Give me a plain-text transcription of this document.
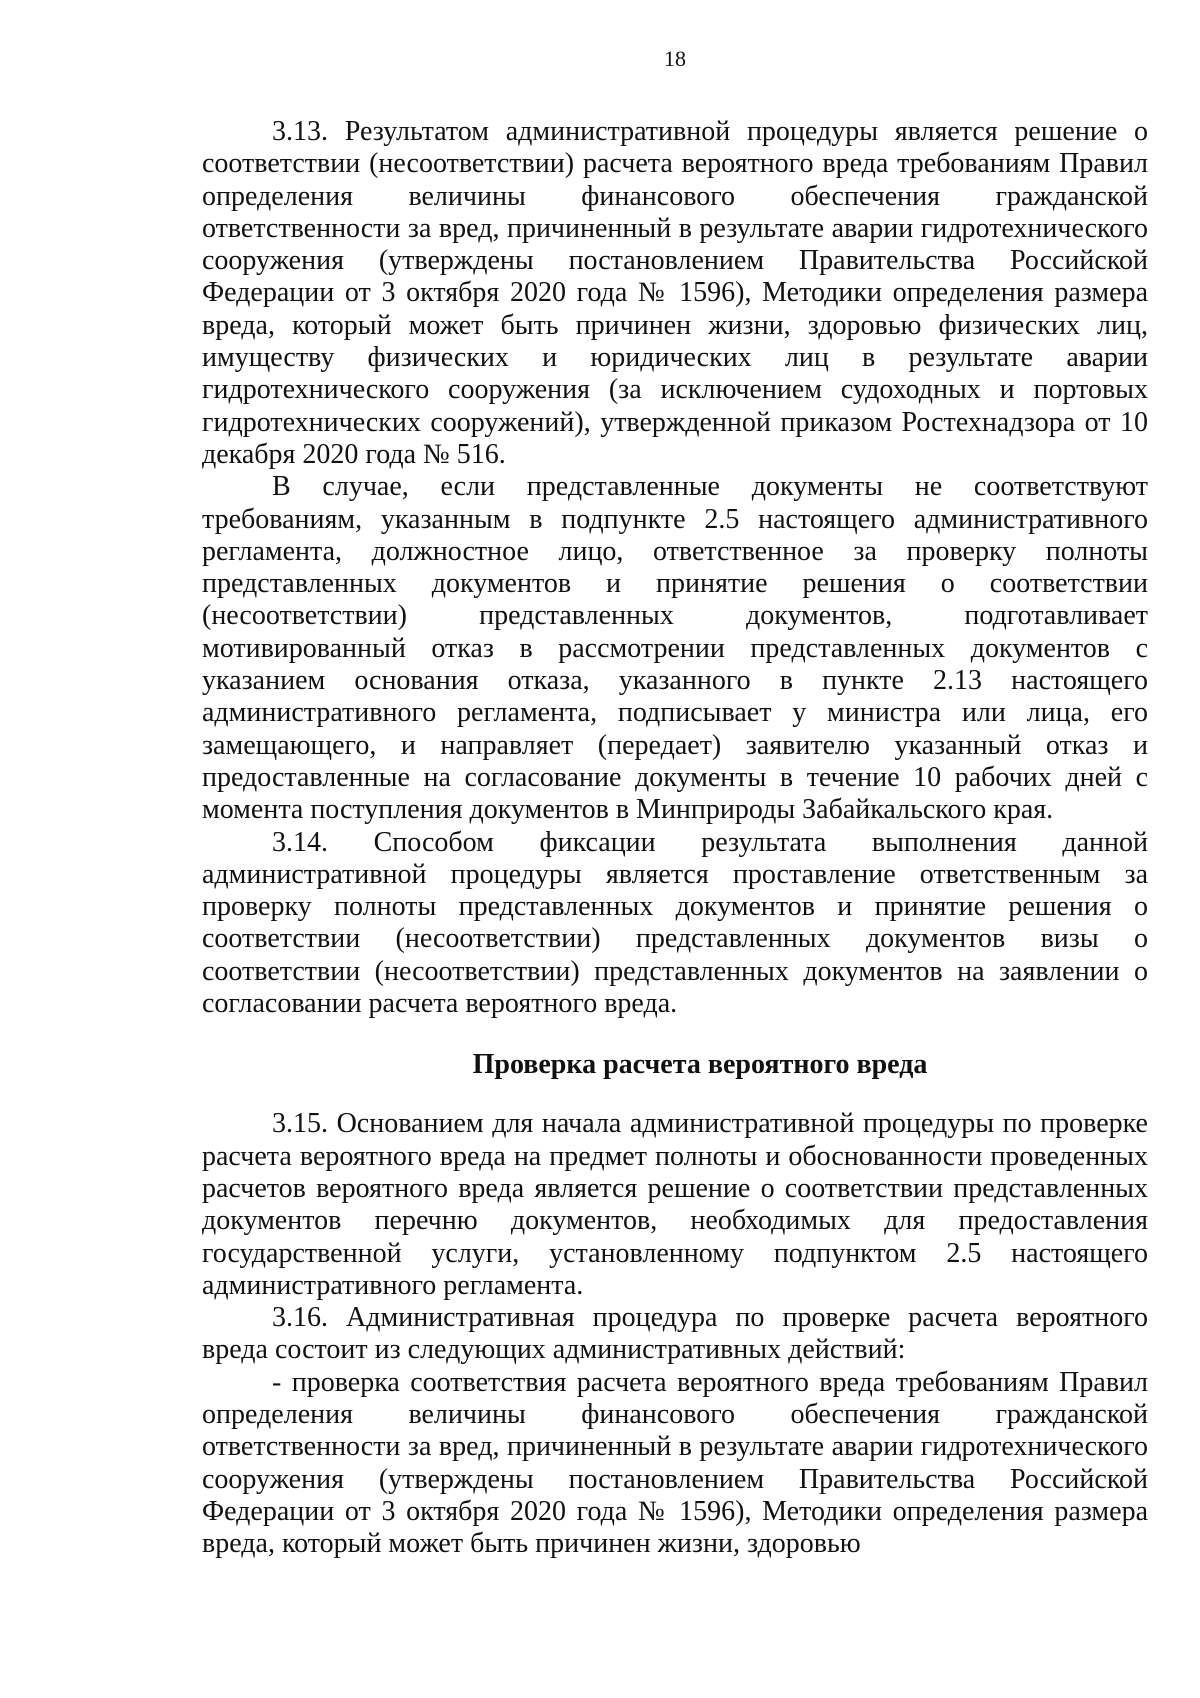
18

3.13. Результатом административной процедуры является решение о соответствии (несоответствии) расчета вероятного вреда требованиям Правил определения величины финансового обеспечения гражданской ответственности за вред, причиненный в результате аварии гидротехнического сооружения (утверждены постановлением Правительства Российской Федерации от 3 октября 2020 года № 1596), Методики определения размера вреда, который может быть причинен жизни, здоровью физических лиц, имуществу физических и юридических лиц в результате аварии гидротехнического сооружения (за исключением судоходных и портовых гидротехнических сооружений), утвержденной приказом Ростехнадзора от 10 декабря 2020 года № 516.

В случае, если представленные документы не соответствуют требованиям, указанным в подпункте 2.5 настоящего административного регламента, должностное лицо, ответственное за проверку полноты представленных документов и принятие решения о соответствии (несоответствии) представленных документов, подготавливает мотивированный отказ в рассмотрении представленных документов с указанием основания отказа, указанного в пункте 2.13 настоящего административного регламента, подписывает у министра или лица, его замещающего, и направляет (передает) заявителю указанный отказ и предоставленные на согласование документы в течение 10 рабочих дней с момента поступления документов в Минприроды Забайкальского края.

3.14. Способом фиксации результата выполнения данной административной процедуры является проставление ответственным за проверку полноты представленных документов и принятие решения о соответствии (несоответствии) представленных документов визы о соответствии (несоответствии) представленных документов на заявлении о согласовании расчета вероятного вреда.

Проверка расчета вероятного вреда

3.15. Основанием для начала административной процедуры по проверке расчета вероятного вреда на предмет полноты и обоснованности проведенных расчетов вероятного вреда является решение о соответствии представленных документов перечню документов, необходимых для предоставления государственной услуги, установленному подпунктом 2.5 настоящего административного регламента.

3.16. Административная процедура по проверке расчета вероятного вреда состоит из следующих административных действий:

- проверка соответствия расчета вероятного вреда требованиям Правил определения величины финансового обеспечения гражданской ответственности за вред, причиненный в результате аварии гидротехнического сооружения (утверждены постановлением Правительства Российской Федерации от 3 октября 2020 года № 1596), Методики определения размера вреда, который может быть причинен жизни, здоровью
